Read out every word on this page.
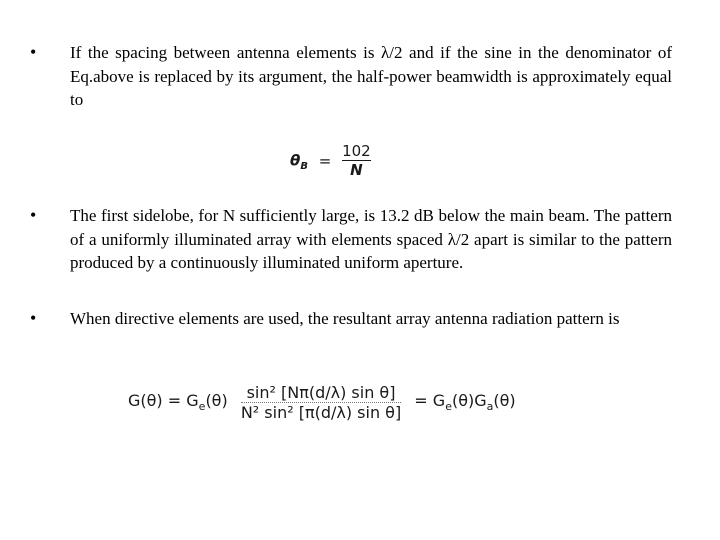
• If the spacing between antenna elements is λ/2 and if the sine in the denominator of Eq.above is replaced by its argument, the half-power beamwidth is approximately equal to
$\theta_B = \frac{102}{N}$
• The first sidelobe, for N sufficiently large, is 13.2 dB below the main beam. The pattern of a uniformly illuminated array with elements spaced λ/2 apart is similar to the pattern produced by a continuously illuminated uniform aperture.
• When directive elements are used, the resultant array antenna radiation pattern is
$G(\theta) = G_e(\theta) \frac{\text{sin² [Nπ(d/λ) sin θ]}}{\text{N² sin² [π(d/λ) sin θ]}} = G_e(\theta)G_a(\theta)$
